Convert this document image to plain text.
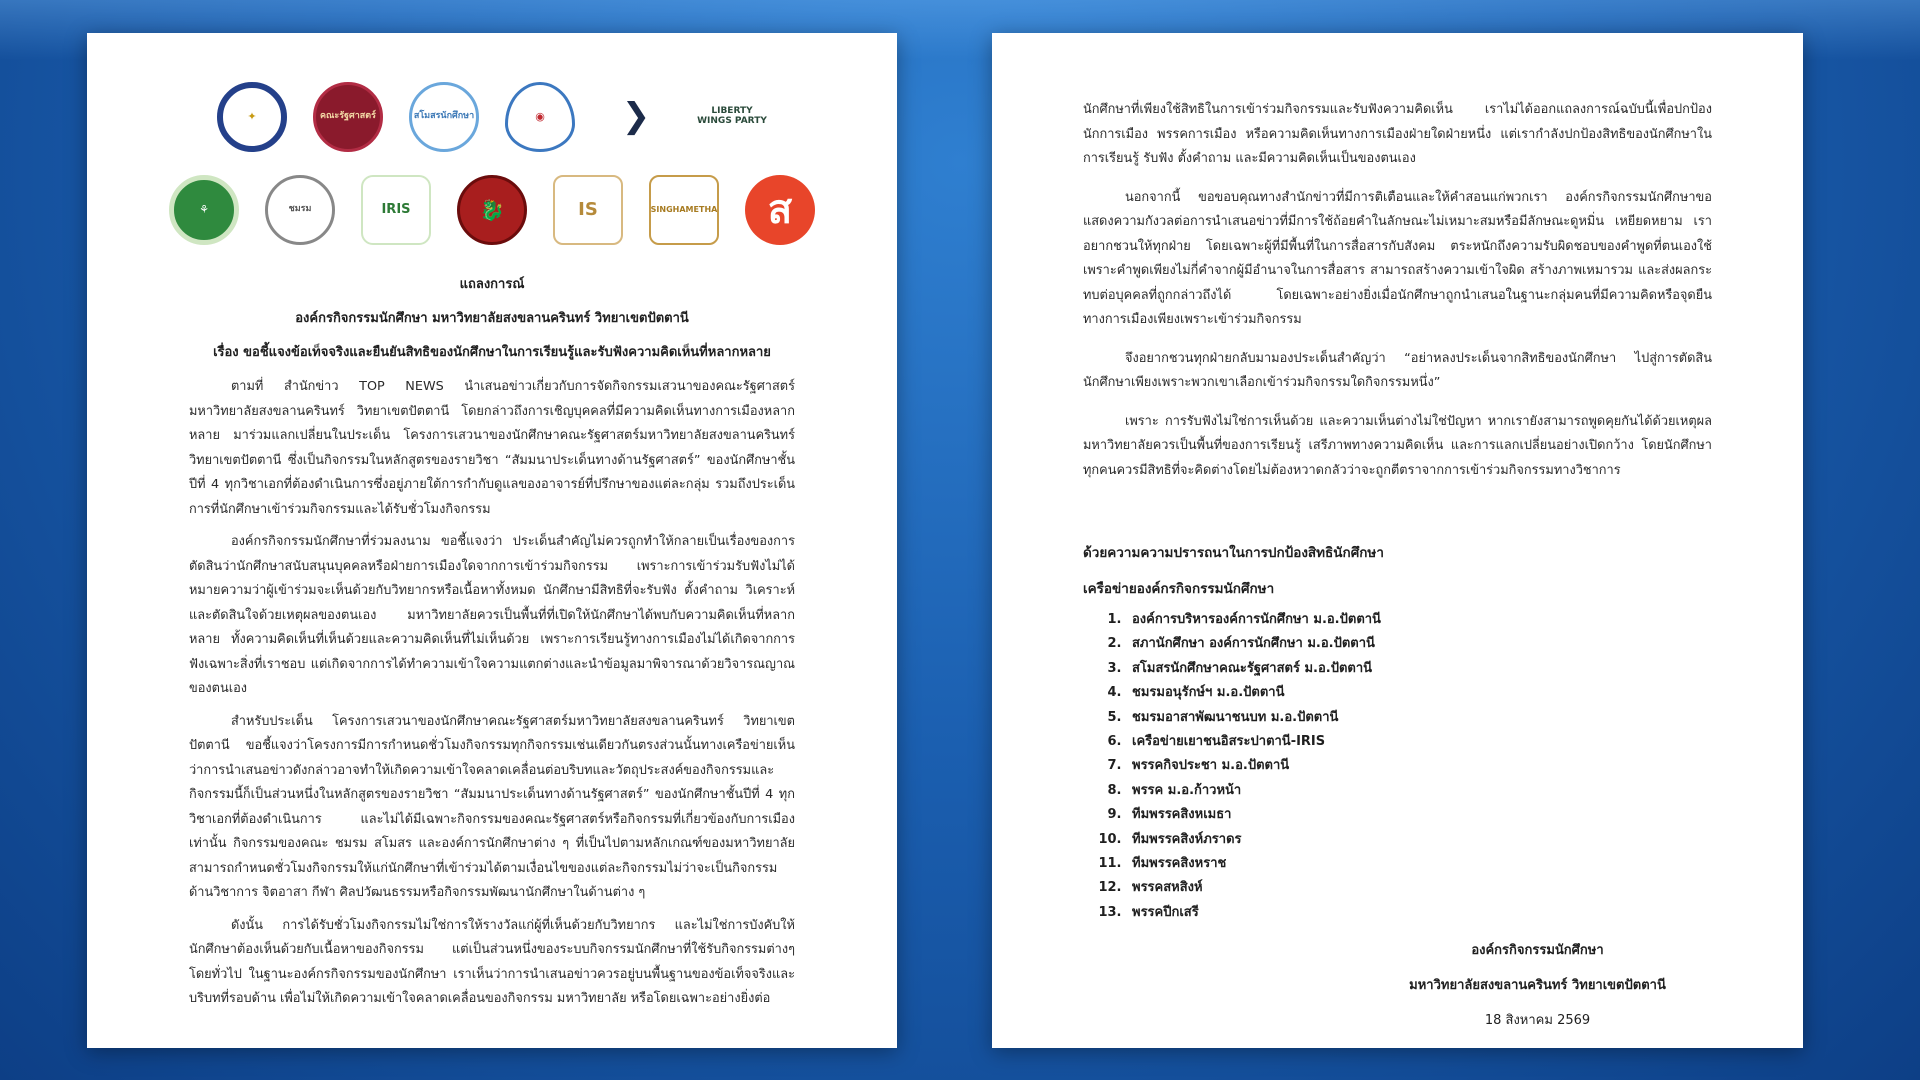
✦	คณะรัฐศาสตร์	สโมสรนักศึกษา	◉ ❯	LIBERTY WINGS PARTY
⚘	ชมรม	IRIS	🐉	IS	SINGHAMETHA ส
แถลงการณ์
องค์กรกิจกรรมนักศึกษา มหาวิทยาลัยสงขลานครินทร์ วิทยาเขตปัตตานี
เรื่อง ขอชี้แจงข้อเท็จจริงและยืนยันสิทธิของนักศึกษาในการเรียนรู้และรับฟังความคิดเห็นที่หลากหลาย

ตามที่ สำนักข่าว TOP NEWS นำเสนอข่าวเกี่ยวกับการจัดกิจกรรมเสวนาของคณะรัฐศาสตร์ มหาวิทยาลัยสงขลานครินทร์ วิทยาเขตปัตตานี โดยกล่าวถึงการเชิญบุคคลที่มีความคิดเห็นทางการเมืองหลากหลาย มาร่วมแลกเปลี่ยนในประเด็น โครงการเสวนาของนักศึกษาคณะรัฐศาสตร์มหาวิทยาลัยสงขลานครินทร์ วิทยาเขตปัตตานี ซึ่งเป็นกิจกรรมในหลักสูตรของรายวิชา “สัมมนาประเด็นทางด้านรัฐศาสตร์” ของนักศึกษาชั้นปีที่ 4 ทุกวิชาเอกที่ต้องดำเนินการซึ่งอยู่ภายใต้การกำกับดูแลของอาจารย์ที่ปรึกษาของแต่ละกลุ่ม รวมถึงประเด็นการที่นักศึกษาเข้าร่วมกิจกรรมและได้รับชั่วโมงกิจกรรม

องค์กรกิจกรรมนักศึกษาที่ร่วมลงนาม ขอชี้แจงว่า ประเด็นสำคัญไม่ควรถูกทำให้กลายเป็นเรื่องของการตัดสินว่านักศึกษาสนับสนุนบุคคลหรือฝ่ายการเมืองใดจากการเข้าร่วมกิจกรรม เพราะการเข้าร่วมรับฟังไม่ได้หมายความว่าผู้เข้าร่วมจะเห็นด้วยกับวิทยากรหรือเนื้อหาทั้งหมด นักศึกษามีสิทธิที่จะรับฟัง ตั้งคำถาม วิเคราะห์ และตัดสินใจด้วยเหตุผลของตนเอง มหาวิทยาลัยควรเป็นพื้นที่ที่เปิดให้นักศึกษาได้พบกับความคิดเห็นที่หลากหลาย ทั้งความคิดเห็นที่เห็นด้วยและความคิดเห็นที่ไม่เห็นด้วย เพราะการเรียนรู้ทางการเมืองไม่ได้เกิดจากการฟังเฉพาะสิ่งที่เราชอบ แต่เกิดจากการได้ทำความเข้าใจความแตกต่างและนำข้อมูลมาพิจารณาด้วยวิจารณญาณของตนเอง

สำหรับประเด็น โครงการเสวนาของนักศึกษาคณะรัฐศาสตร์มหาวิทยาลัยสงขลานครินทร์ วิทยาเขตปัตตานี ขอชี้แจงว่าโครงการมีการกำหนดชั่วโมงกิจกรรมทุกกิจกรรมเช่นเดียวกันตรงส่วนนั้นทางเครือข่ายเห็นว่าการนำเสนอข่าวดังกล่าวอาจทำให้เกิดความเข้าใจคลาดเคลื่อนต่อบริบทและวัตถุประสงค์ของกิจกรรมและกิจกรรมนี้ก็เป็นส่วนหนึ่งในหลักสูตรของรายวิชา “สัมมนาประเด็นทางด้านรัฐศาสตร์” ของนักศึกษาชั้นปีที่ 4 ทุกวิชาเอกที่ต้องดำเนินการ และไม่ได้มีเฉพาะกิจกรรมของคณะรัฐศาสตร์หรือกิจกรรมที่เกี่ยวข้องกับการเมืองเท่านั้น กิจกรรมของคณะ ชมรม สโมสร และองค์การนักศึกษาต่าง ๆ ที่เป็นไปตามหลักเกณฑ์ของมหาวิทยาลัย สามารถกำหนดชั่วโมงกิจกรรมให้แก่นักศึกษาที่เข้าร่วมได้ตามเงื่อนไขของแต่ละกิจกรรมไม่ว่าจะเป็นกิจกรรมด้านวิชาการ จิตอาสา กีฬา ศิลปวัฒนธรรมหรือกิจกรรมพัฒนานักศึกษาในด้านต่าง ๆ

ดังนั้น การได้รับชั่วโมงกิจกรรมไม่ใช่การให้รางวัลแก่ผู้ที่เห็นด้วยกับวิทยากร และไม่ใช่การบังคับให้นักศึกษาต้องเห็นด้วยกับเนื้อหาของกิจกรรม แต่เป็นส่วนหนึ่งของระบบกิจกรรมนักศึกษาที่ใช้รับกิจกรรมต่างๆ โดยทั่วไป ในฐานะองค์กรกิจกรรมของนักศึกษา เราเห็นว่าการนำเสนอข่าวควรอยู่บนพื้นฐานของข้อเท็จจริงและบริบทที่รอบด้าน เพื่อไม่ให้เกิดความเข้าใจคลาดเคลื่อนของกิจกรรม มหาวิทยาลัย หรือโดยเฉพาะอย่างยิ่งต่อ

นักศึกษาที่เพียงใช้สิทธิในการเข้าร่วมกิจกรรมและรับฟังความคิดเห็น เราไม่ได้ออกแถลงการณ์ฉบับนี้เพื่อปกป้องนักการเมือง พรรคการเมือง หรือความคิดเห็นทางการเมืองฝ่ายใดฝ่ายหนึ่ง แต่เรากำลังปกป้องสิทธิของนักศึกษาในการเรียนรู้ รับฟัง ตั้งคำถาม และมีความคิดเห็นเป็นของตนเอง

นอกจากนี้ ขอขอบคุณทางสำนักข่าวที่มีการติเตือนและให้คำสอนแก่พวกเรา องค์กรกิจกรรมนักศึกษาขอแสดงความกังวลต่อการนำเสนอข่าวที่มีการใช้ถ้อยคำในลักษณะไม่เหมาะสมหรือมีลักษณะดูหมิ่น เหยียดหยาม เราอยากชวนให้ทุกฝ่าย โดยเฉพาะผู้ที่มีพื้นที่ในการสื่อสารกับสังคม ตระหนักถึงความรับผิดชอบของคำพูดที่ตนเองใช้ เพราะคำพูดเพียงไม่กี่คำจากผู้มีอำนาจในการสื่อสาร สามารถสร้างความเข้าใจผิด สร้างภาพเหมารวม และส่งผลกระทบต่อบุคคลที่ถูกกล่าวถึงได้ โดยเฉพาะอย่างยิ่งเมื่อนักศึกษาถูกนำเสนอในฐานะกลุ่มคนที่มีความคิดหรือจุดยืนทางการเมืองเพียงเพราะเข้าร่วมกิจกรรม

จึงอยากชวนทุกฝ่ายกลับมามองประเด็นสำคัญว่า “อย่าหลงประเด็นจากสิทธิของนักศึกษา ไปสู่การตัดสินนักศึกษาเพียงเพราะพวกเขาเลือกเข้าร่วมกิจกรรมใดกิจกรรมหนึ่ง”

เพราะ การรับฟังไม่ใช่การเห็นด้วย และความเห็นต่างไม่ใช่ปัญหา หากเรายังสามารถพูดคุยกันได้ด้วยเหตุผล มหาวิทยาลัยควรเป็นพื้นที่ของการเรียนรู้ เสรีภาพทางความคิดเห็น และการแลกเปลี่ยนอย่างเปิดกว้าง โดยนักศึกษาทุกคนควรมีสิทธิที่จะคิดต่างโดยไม่ต้องหวาดกลัวว่าจะถูกตีตราจากการเข้าร่วมกิจกรรมทางวิชาการ

ด้วยความความปรารถนาในการปกป้องสิทธินักศึกษา
เครือข่ายองค์กรกิจกรรมนักศึกษา
1. องค์การบริหารองค์การนักศึกษา ม.อ.ปัตตานี
2. สภานักศึกษา องค์การนักศึกษา ม.อ.ปัตตานี
3. สโมสรนักศึกษาคณะรัฐศาสตร์ ม.อ.ปัตตานี
4. ชมรมอนุรักษ์ฯ ม.อ.ปัตตานี
5. ชมรมอาสาพัฒนาชนบท ม.อ.ปัตตานี
6. เครือข่ายเยาชนอิสระปาตานี-IRIS
7. พรรคกิจประชา ม.อ.ปัตตานี
8. พรรค ม.อ.ก้าวหน้า
9. ทีมพรรคสิงหเมธา
10. ทีมพรรคสิงห์ภราดร
11. ทีมพรรคสิงหราช
12. พรรคสหสิงห์
13. พรรคปีกเสรี
องค์กรกิจกรรมนักศึกษา
มหาวิทยาลัยสงขลานครินทร์ วิทยาเขตปัตตานี
18 สิงหาคม 2569
